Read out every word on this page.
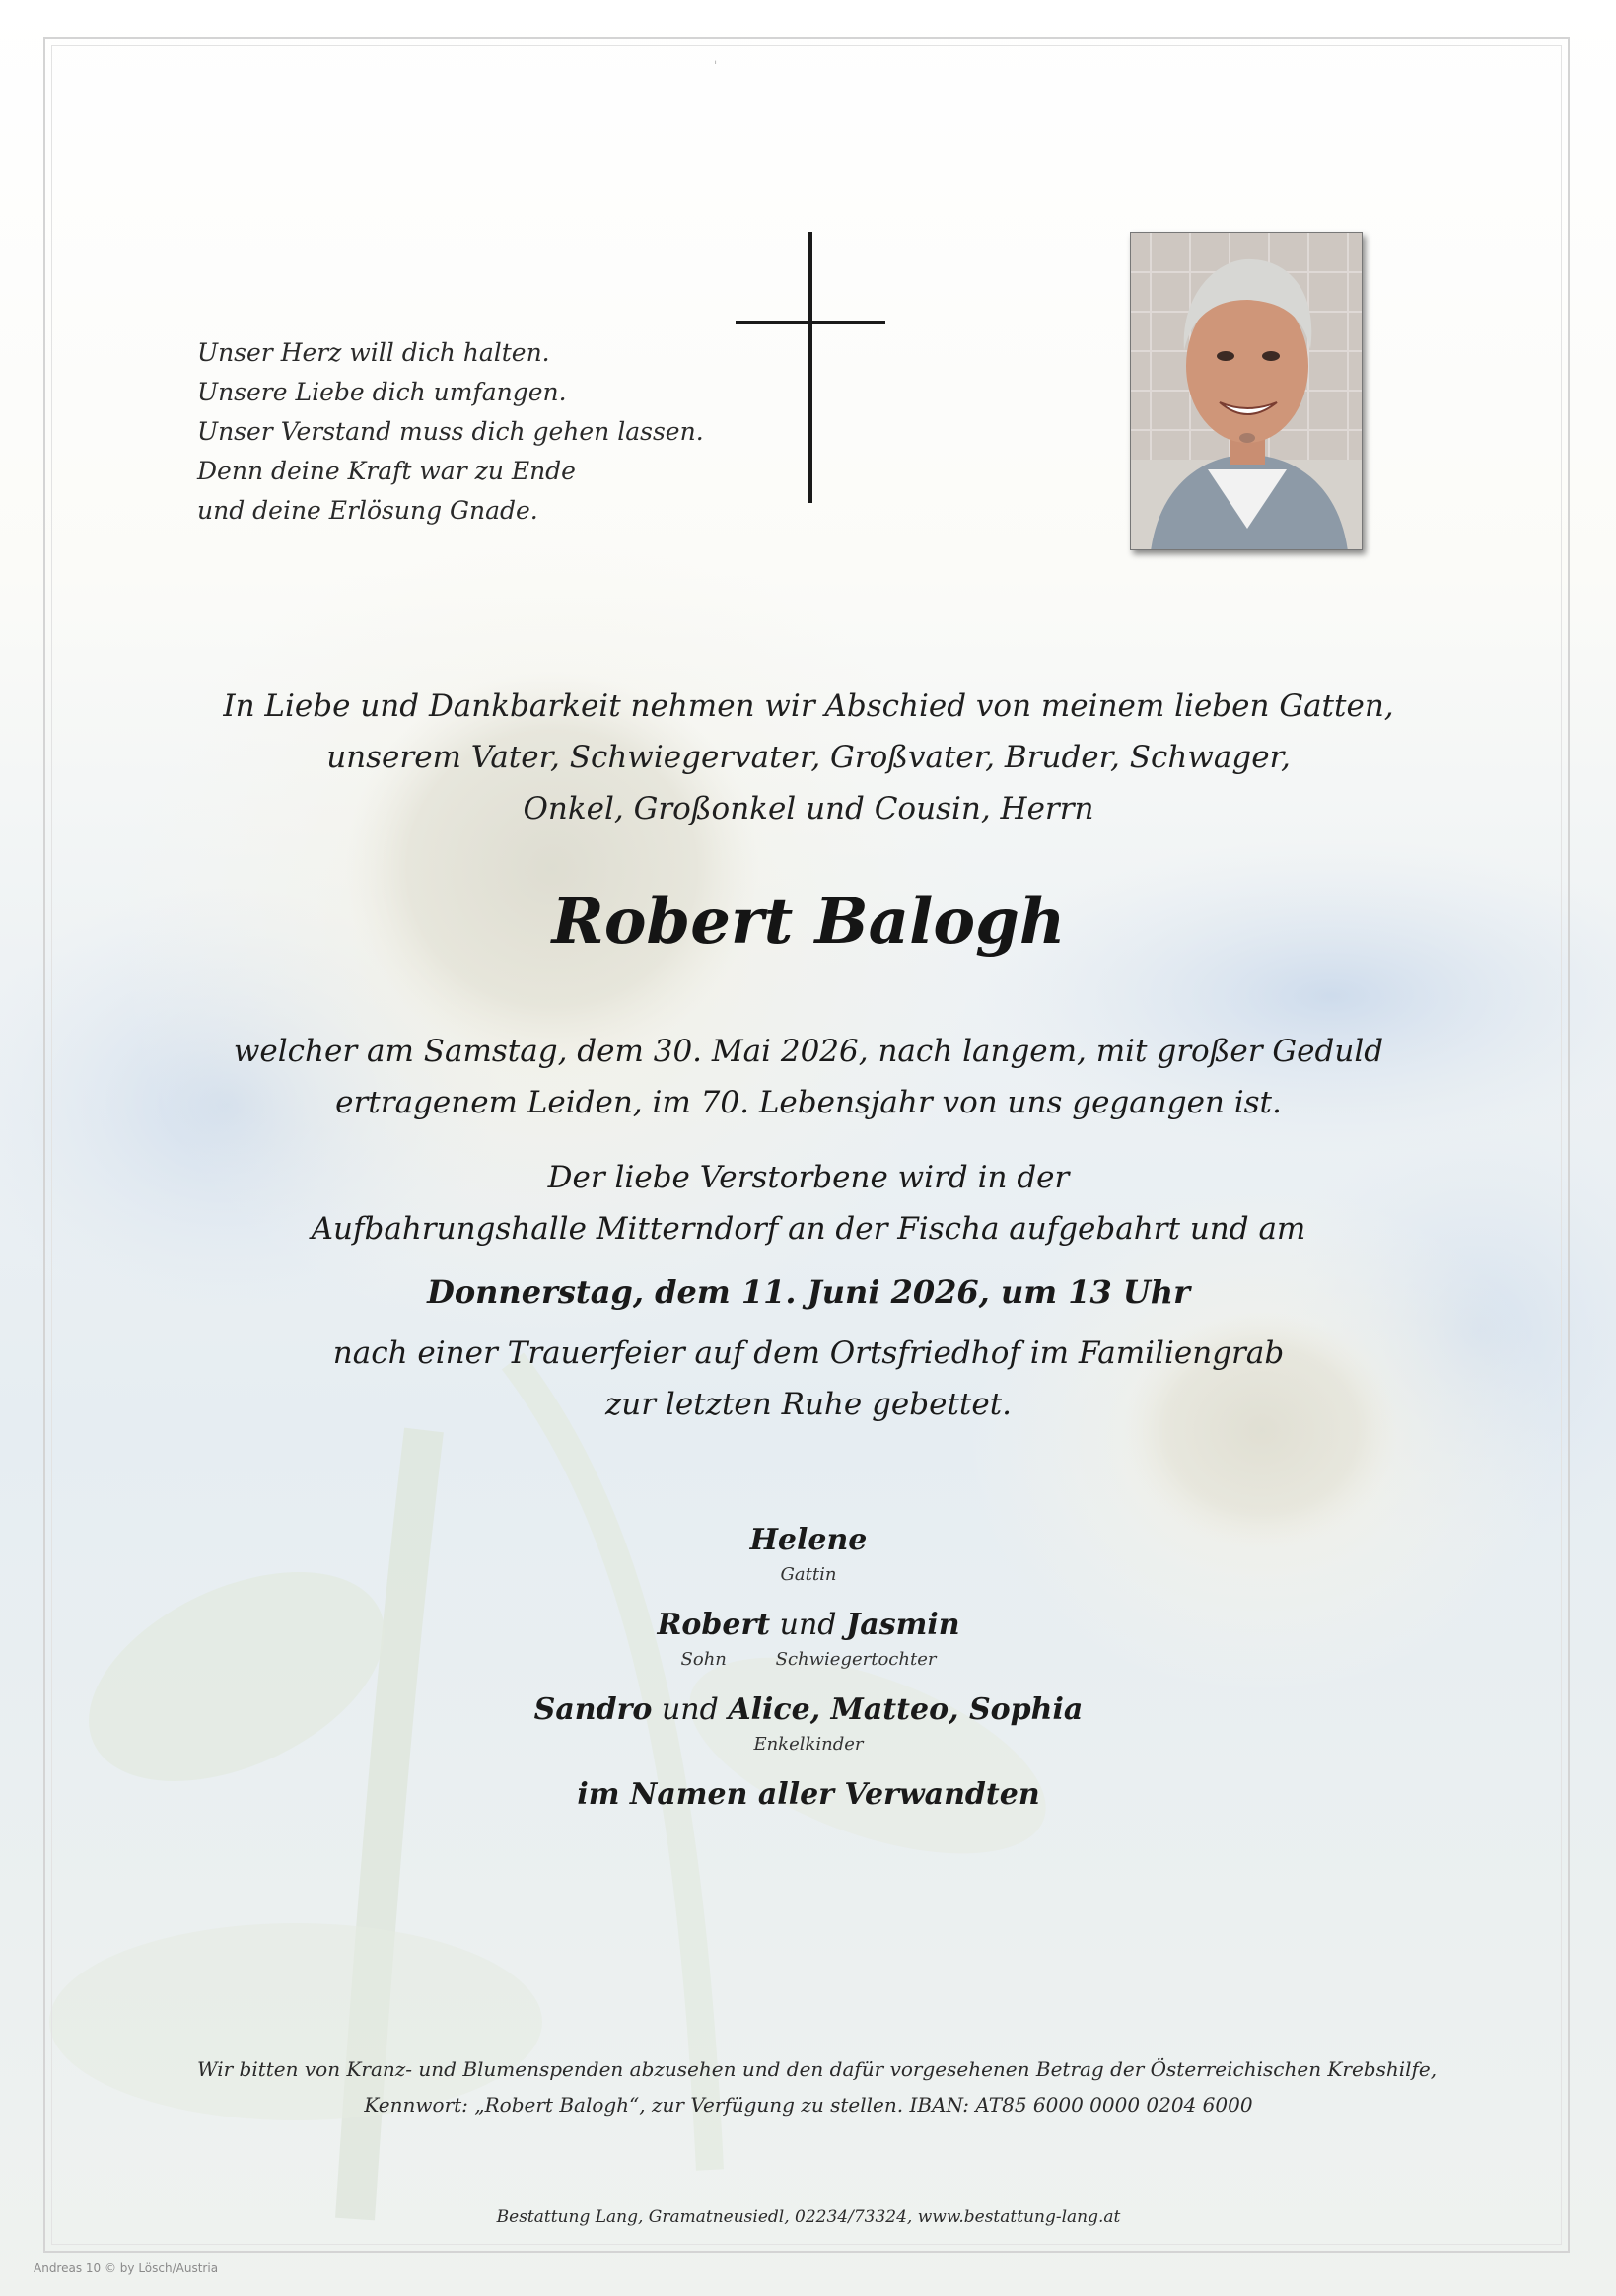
ˈ
Unser Herz will dich halten.
Unsere Liebe dich umfangen.
Unser Verstand muss dich gehen lassen.
Denn deine Kraft war zu Ende
und deine Erlösung Gnade.
In Liebe und Dankbarkeit nehmen wir Abschied von meinem lieben Gatten,
unserem Vater, Schwiegervater, Großvater, Bruder, Schwager,
Onkel, Großonkel und Cousin, Herrn
Robert Balogh
welcher am Samstag, dem 30. Mai 2026, nach langem, mit großer Geduld
ertragenem Leiden, im 70. Lebensjahr von uns gegangen ist.
Der liebe Verstorbene wird in der
Aufbahrungshalle Mitterndorf an der Fischa aufgebahrt und am
Donnerstag, dem 11. Juni 2026, um 13 Uhr
nach einer Trauerfeier auf dem Ortsfriedhof im Familiengrab
zur letzten Ruhe gebettet.
Helene
Gattin
Robert und Jasmin
Sohn	Schwiegertochter
Sandro und Alice, Matteo, Sophia
Enkelkinder
im Namen aller Verwandten
Wir bitten von Kranz- und Blumenspenden abzusehen und den dafür vorgesehenen Betrag der Österreichischen Krebshilfe,
Kennwort: „Robert Balogh“, zur Verfügung zu stellen. IBAN: AT85 6000 0000 0204 6000
Bestattung Lang, Gramatneusiedl, 02234/73324, www.bestattung-lang.at
Andreas 10 © by Lösch/Austria
